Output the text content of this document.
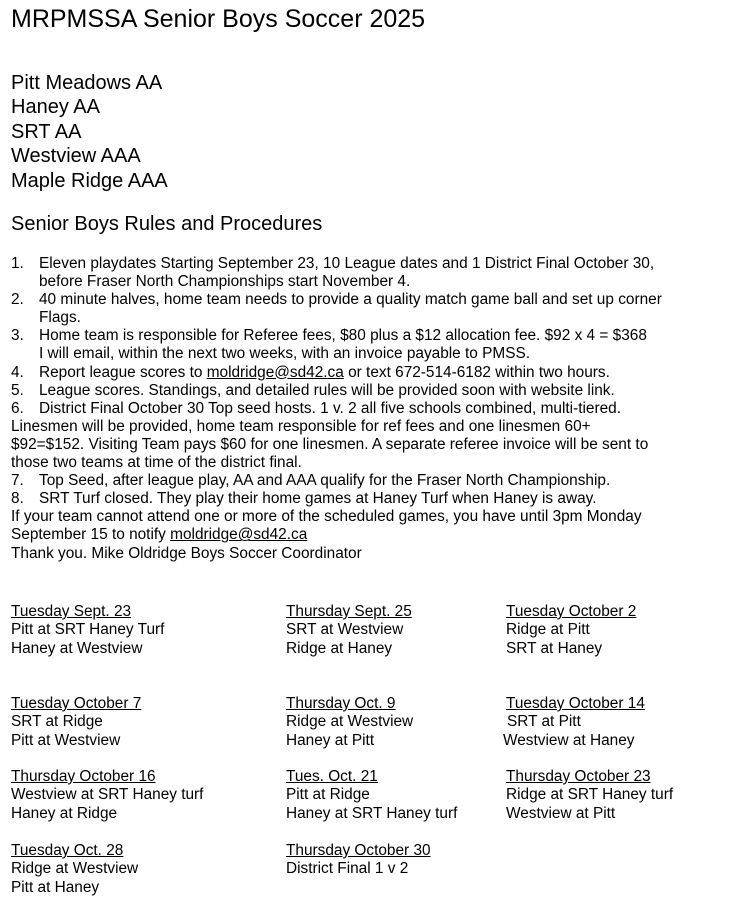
MRPMSSA Senior Boys Soccer 2025
Pitt Meadows AA
Haney AA
SRT AA
Westview AAA
Maple Ridge AAA
Senior Boys Rules and Procedures
1. Eleven playdates Starting September 23, 10 League dates and 1 District Final October 30,
before Fraser North Championships start November 4.
2. 40 minute halves, home team needs to provide a quality match game ball and set up corner
Flags.
3. Home team is responsible for Referee fees, $80 plus a $12 allocation fee. $92 x 4 = $368
I will email, within the next two weeks, with an invoice payable to PMSS.
4. Report league scores to moldridge@sd42.ca or text 672-514-6182 within two hours.
5. League scores. Standings, and detailed rules will be provided soon with website link.
6. District Final October 30 Top seed hosts. 1 v. 2 all five schools combined, multi-tiered.
Linesmen will be provided, home team responsible for ref fees and one linesmen 60+
$92=$152. Visiting Team pays $60 for one linesmen. A separate referee invoice will be sent to
those two teams at time of the district final.
7. Top Seed, after league play, AA and AAA qualify for the Fraser North Championship.
8. SRT Turf closed. They play their home games at Haney Turf when Haney is away.
If your team cannot attend one or more of the scheduled games, you have until 3pm Monday
September 15 to notify moldridge@sd42.ca
Thank you. Mike Oldridge Boys Soccer Coordinator
Tuesday Sept. 23
Pitt at SRT Haney Turf
Haney at Westview
Thursday Sept. 25
SRT at Westview
Ridge at Haney
Tuesday October 2
Ridge at Pitt
SRT at Haney
Tuesday October 7
SRT at Ridge
Pitt at Westview
Thursday Oct. 9
Ridge at Westview
Haney at Pitt
Tuesday October 14
SRT at Pitt
Westview at Haney
Thursday October 16
Westview at SRT Haney turf
Haney at Ridge
Tues. Oct. 21
Pitt at Ridge
Haney at SRT Haney turf
Thursday October 23
Ridge at SRT Haney turf
Westview at Pitt
Tuesday Oct. 28
Ridge at Westview
Pitt at Haney
Thursday October 30
District Final 1 v 2
